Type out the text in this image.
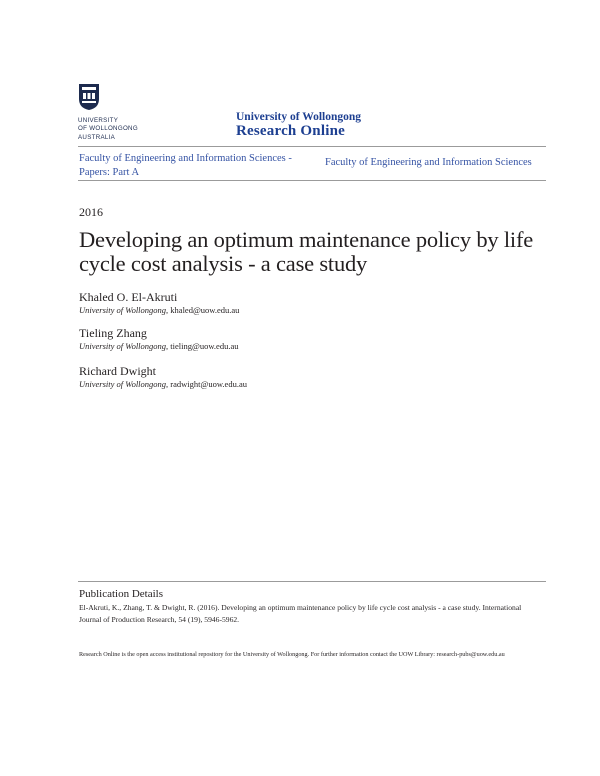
UNIVERSITY
OF WOLLONGONG
AUSTRALIA
University of Wollongong
Research Online
Faculty of Engineering and Information Sciences - Papers: Part A
Faculty of Engineering and Information Sciences
2016
Developing an optimum maintenance policy by life cycle cost analysis - a case study
Khaled O. El-Akruti
University of Wollongong, khaled@uow.edu.au
Tieling Zhang
University of Wollongong, tieling@uow.edu.au
Richard Dwight
University of Wollongong, radwight@uow.edu.au
Publication Details
El-Akruti, K., Zhang, T. & Dwight, R. (2016). Developing an optimum maintenance policy by life cycle cost analysis - a case study. International Journal of Production Research, 54 (19), 5946-5962.
Research Online is the open access institutional repository for the University of Wollongong. For further information contact the UOW Library: research-pubs@uow.edu.au
